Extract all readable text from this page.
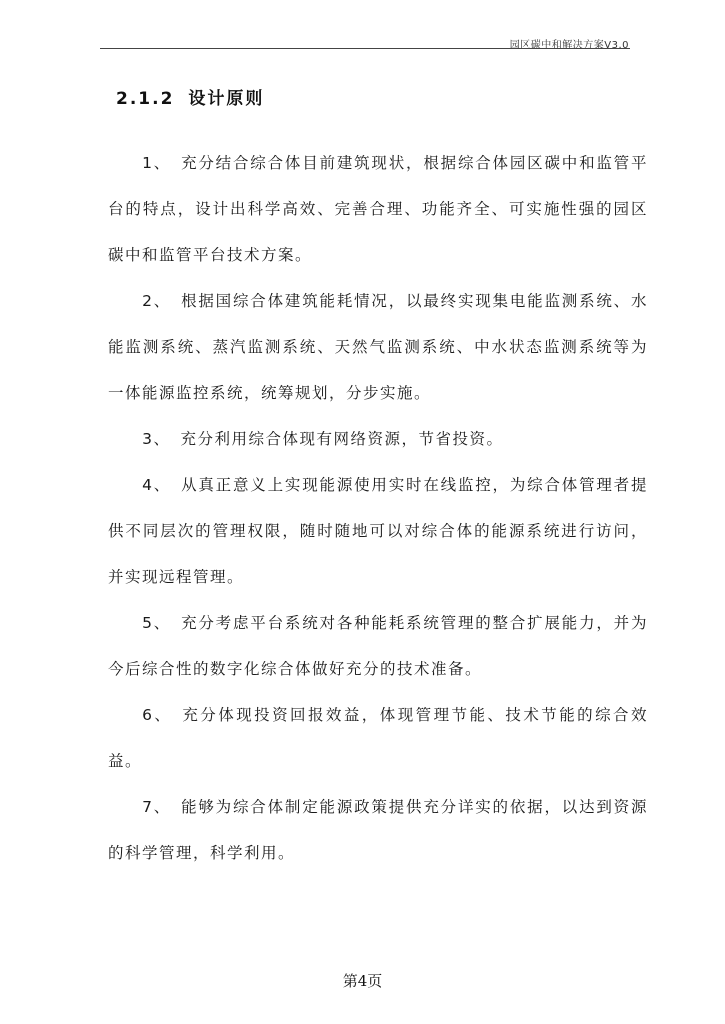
园区碳中和解决方案V3.0
2.1.2 设计原则

1、 充分结合综合体目前建筑现状，根据综合体园区碳中和监管平台的特点，设计出科学高效、完善合理、功能齐全、可实施性强的园区碳中和监管平台技术方案。

2、 根据国综合体建筑能耗情况，以最终实现集电能监测系统、水能监测系统、蒸汽监测系统、天然气监测系统、中水状态监测系统等为一体能源监控系统，统筹规划，分步实施。

3、 充分利用综合体现有网络资源，节省投资。

4、 从真正意义上实现能源使用实时在线监控，为综合体管理者提供不同层次的管理权限，随时随地可以对综合体的能源系统进行访问，并实现远程管理。

5、 充分考虑平台系统对各种能耗系统管理的整合扩展能力，并为今后综合性的数字化综合体做好充分的技术准备。

6、 充分体现投资回报效益，体现管理节能、技术节能的综合效益。

7、 能够为综合体制定能源政策提供充分详实的依据，以达到资源的科学管理，科学利用。

第4页
